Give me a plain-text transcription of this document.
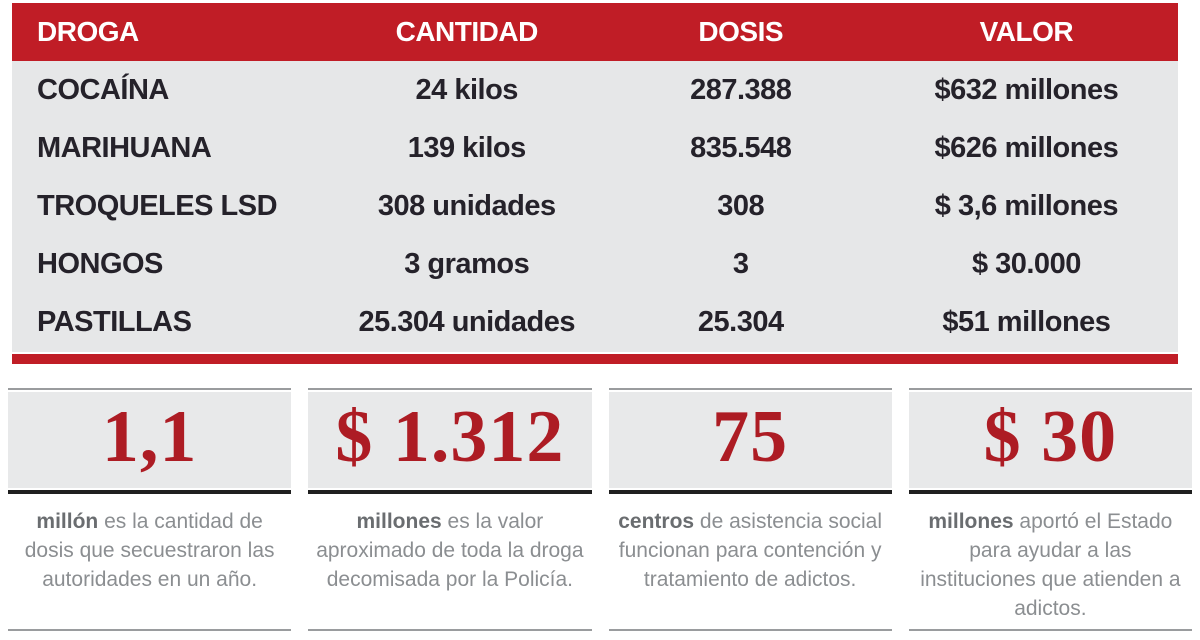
DROGA	CANTIDAD	DOSIS	VALOR
COCAÍNA	24 kilos	287.388	$632 millones
MARIHUANA	139 kilos	835.548	$626 millones
TROQUELES LSD	308 unidades	308	$ 3,6 millones
HONGOS	3 gramos	3	$ 30.000
PASTILLAS	25.304 unidades	25.304	$51 millones
1,1
millón es la cantidad de dosis que secuestraron las autoridades en un año.
$ 1.312
millones es la valor aproximado de toda la droga decomisada por la Policía.
75
centros de asistencia social funcionan para contención y tratamiento de adictos.
$ 30
millones aportó el Estado para ayudar a las instituciones que atienden a adictos.
